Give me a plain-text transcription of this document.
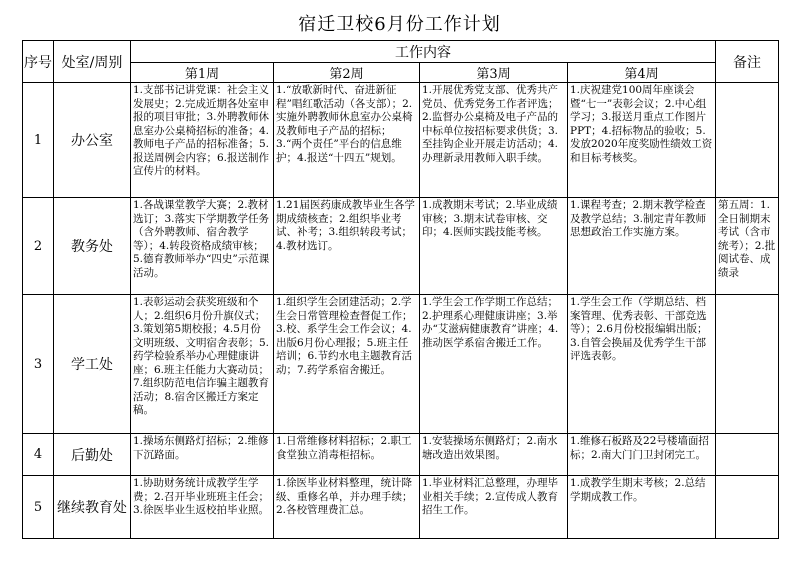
宿迁卫校6月份工作计划
序号	处室/周别	工作内容				备注
		第1周	第2周	第3周	第4周	
1	办公室	1.支部书记讲党课：社会主义发展史；2.完成近期各处室申报的项目审批；3.外聘教师休息室办公桌椅招标的准备；4.教师电子产品的招标准备；5.报送周例会内容；6.报送制作宣传片的材料。	1.“放歌新时代、奋进新征程”唱红歌活动（各支部）；2.实施外聘教师休息室办公桌椅及教师电子产品的招标；3.“两个责任”平台的信息维护；4.报送“十四五”规划。	1.开展优秀党支部、优秀共产党员、优秀党务工作者评选；2.监督办公桌椅及电子产品的中标单位按招标要求供货；3.至挂钩企业开展走访活动；4.办理新录用教师入职手续。	1.庆祝建党100周年座谈会暨“七一”表彰会议；2.中心组学习；3.报送月重点工作图片PPT；4.招标物品的验收；5.发放2020年度奖励性绩效工资和目标考核奖。	
2	教务处	1.各战课堂教学大赛；2.教材选订；3.落实下学期教学任务（含外聘教师、宿舍教学等）；4.转段资格成绩审核；5.德育教师举办“四史”示范课活动。	1.21届医药康成教毕业生各学期成绩核查；2.组织毕业考试、补考；3.组织转段考试；4.教材选订。	1.成教期末考试；2.毕业成绩审核；3.期末试卷审核、交印；4.医师实践技能考核。	1.课程考查；2.期末教学检查及教学总结；3.制定青年教师思想政治工作实施方案。	第五周：1.全日制期末考试（含市统考）；2.批阅试卷、成绩录
3	学工处	1.表彰运动会获奖班级和个人；2.组织6月份升旗仪式；3.策划第5期校报；4.5月份文明班级、文明宿舍表彰；5.药学检验系举办心理健康讲座；6.班主任能力大赛动员；7.组织防范电信诈骗主题教育活动；8.宿舍区搬迁方案定稿。	1.组织学生会团建活动；2.学生会日常管理检查督促工作；3.校、系学生会工作会议；4.出版6月份心理报；5.班主任培训；6.节约水电主题教育活动；7.药学系宿舍搬迁。	1.学生会工作学期工作总结；2.护理系心理健康讲座；3.举办“艾滋病健康教育”讲座；4.推动医学系宿舍搬迁工作。	1.学生会工作（学期总结、档案管理、优秀表彰、干部竞选等）；2.6月份校报编辑出版；3.自管会换届及优秀学生干部评选表彰。	
4	后勤处	1.操场东侧路灯招标；2.维修下沉路面。	1.日常维修材料招标；2.职工食堂独立消毒柜招标。	1.安装操场东侧路灯；2.南水塘改造出效果图。	1.维修石板路及22号楼墙面招标；2.南大门门卫封闭完工。	
5	继续教育处	1.协助财务统计成教学生学费；2.召开毕业班班主任会；3.徐医毕业生返校拍毕业照。	1.徐医毕业材料整理，统计降级、重修名单，并办理手续；2.各校管理费汇总。	1.毕业材料汇总整理，办理毕业相关手续；2.宣传成人教育招生工作。	1.成教学生期末考核；2.总结学期成教工作。	
